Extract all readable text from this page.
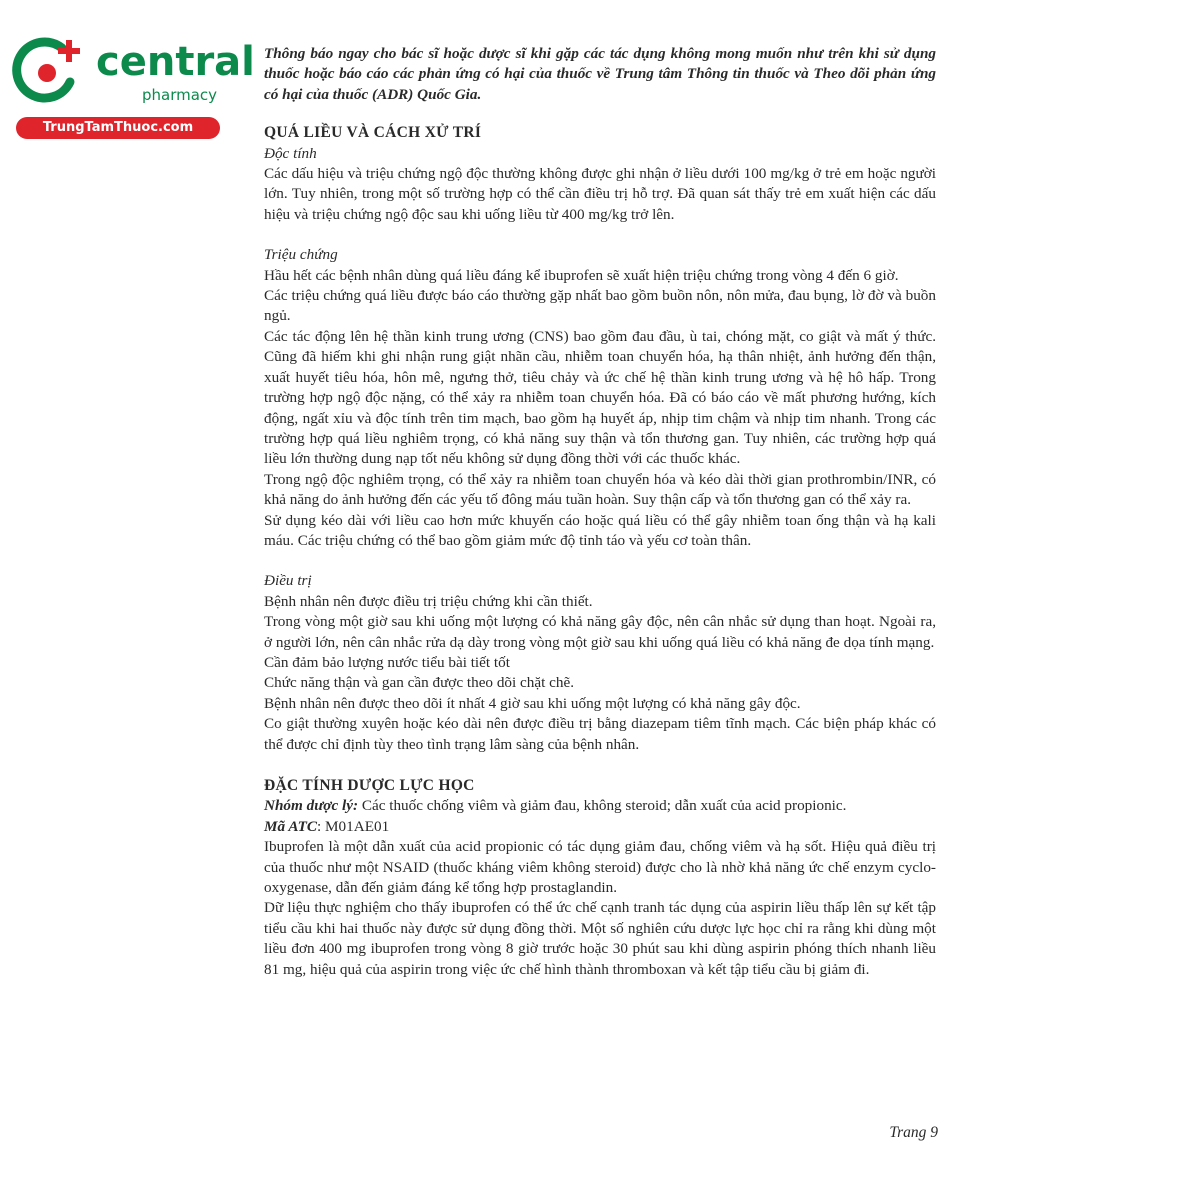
central
pharmacy
TrungTamThuoc.com

Thông báo ngay cho bác sĩ hoặc dược sĩ khi gặp các tác dụng không mong muốn như trên khi sử dụng thuốc hoặc báo cáo các phản ứng có hại của thuốc về Trung tâm Thông tin thuốc và Theo dõi phản ứng có hại của thuốc (ADR) Quốc Gia.

QUÁ LIỀU VÀ CÁCH XỬ TRÍ

Độc tính

Các dấu hiệu và triệu chứng ngộ độc thường không được ghi nhận ở liều dưới 100 mg/kg ở trẻ em hoặc người lớn. Tuy nhiên, trong một số trường hợp có thể cần điều trị hỗ trợ. Đã quan sát thấy trẻ em xuất hiện các dấu hiệu và triệu chứng ngộ độc sau khi uống liều từ 400 mg/kg trở lên.

Triệu chứng

Hầu hết các bệnh nhân dùng quá liều đáng kể ibuprofen sẽ xuất hiện triệu chứng trong vòng 4 đến 6 giờ.

Các triệu chứng quá liều được báo cáo thường gặp nhất bao gồm buồn nôn, nôn mửa, đau bụng, lờ đờ và buồn ngủ.

Các tác động lên hệ thần kinh trung ương (CNS) bao gồm đau đầu, ù tai, chóng mặt, co giật và mất ý thức. Cũng đã hiếm khi ghi nhận rung giật nhãn cầu, nhiễm toan chuyển hóa, hạ thân nhiệt, ảnh hưởng đến thận, xuất huyết tiêu hóa, hôn mê, ngưng thở, tiêu chảy và ức chế hệ thần kinh trung ương và hệ hô hấp. Trong trường hợp ngộ độc nặng, có thể xảy ra nhiễm toan chuyển hóa. Đã có báo cáo về mất phương hướng, kích động, ngất xỉu và độc tính trên tim mạch, bao gồm hạ huyết áp, nhịp tim chậm và nhịp tim nhanh. Trong các trường hợp quá liều nghiêm trọng, có khả năng suy thận và tổn thương gan. Tuy nhiên, các trường hợp quá liều lớn thường dung nạp tốt nếu không sử dụng đồng thời với các thuốc khác.

Trong ngộ độc nghiêm trọng, có thể xảy ra nhiễm toan chuyển hóa và kéo dài thời gian prothrombin/INR, có khả năng do ảnh hưởng đến các yếu tố đông máu tuần hoàn. Suy thận cấp và tổn thương gan có thể xảy ra.

Sử dụng kéo dài với liều cao hơn mức khuyến cáo hoặc quá liều có thể gây nhiễm toan ống thận và hạ kali máu. Các triệu chứng có thể bao gồm giảm mức độ tỉnh táo và yếu cơ toàn thân.

Điều trị

Bệnh nhân nên được điều trị triệu chứng khi cần thiết.

Trong vòng một giờ sau khi uống một lượng có khả năng gây độc, nên cân nhắc sử dụng than hoạt. Ngoài ra, ở người lớn, nên cân nhắc rửa dạ dày trong vòng một giờ sau khi uống quá liều có khả năng đe dọa tính mạng.

Cần đảm bảo lượng nước tiểu bài tiết tốt

Chức năng thận và gan cần được theo dõi chặt chẽ.

Bệnh nhân nên được theo dõi ít nhất 4 giờ sau khi uống một lượng có khả năng gây độc.

Co giật thường xuyên hoặc kéo dài nên được điều trị bằng diazepam tiêm tĩnh mạch. Các biện pháp khác có thể được chỉ định tùy theo tình trạng lâm sàng của bệnh nhân.

ĐẶC TÍNH DƯỢC LỰC HỌC

Nhóm dược lý: Các thuốc chống viêm và giảm đau, không steroid; dẫn xuất của acid propionic.

Mã ATC: M01AE01

Ibuprofen là một dẫn xuất của acid propionic có tác dụng giảm đau, chống viêm và hạ sốt. Hiệu quả điều trị của thuốc như một NSAID (thuốc kháng viêm không steroid) được cho là nhờ khả năng ức chế enzym cyclo-oxygenase, dẫn đến giảm đáng kể tổng hợp prostaglandin.

Dữ liệu thực nghiệm cho thấy ibuprofen có thể ức chế cạnh tranh tác dụng của aspirin liều thấp lên sự kết tập tiểu cầu khi hai thuốc này được sử dụng đồng thời. Một số nghiên cứu dược lực học chỉ ra rằng khi dùng một liều đơn 400 mg ibuprofen trong vòng 8 giờ trước hoặc 30 phút sau khi dùng aspirin phóng thích nhanh liều 81 mg, hiệu quả của aspirin trong việc ức chế hình thành thromboxan và kết tập tiểu cầu bị giảm đi.

Trang 9
